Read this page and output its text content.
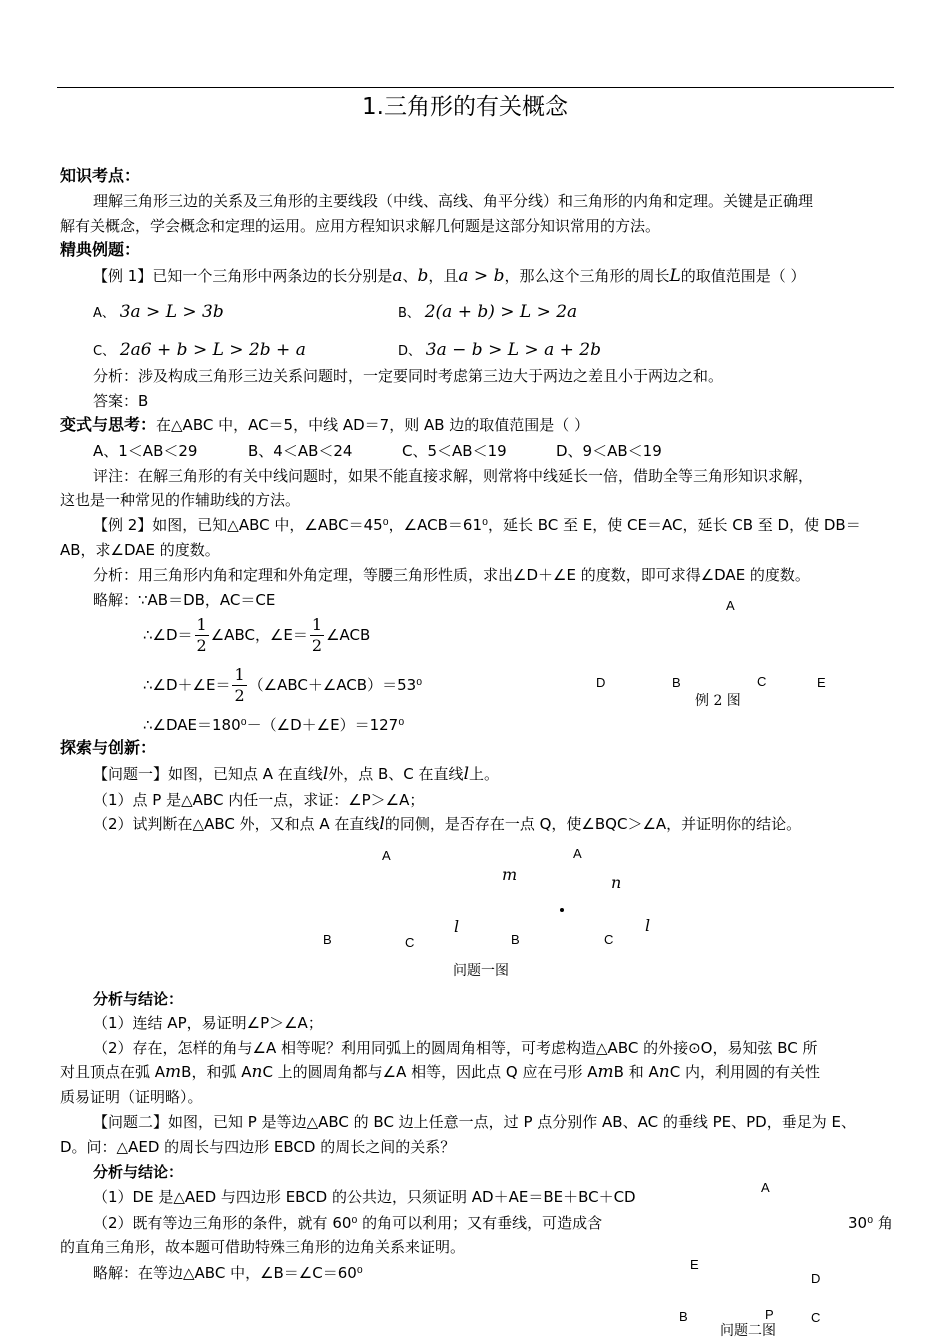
1.三角形的有关概念
知识考点：
理解三角形三边的关系及三角形的主要线段（中线、高线、角平分线）和三角形的内角和定理。关键是正确理
解有关概念，学会概念和定理的运用。应用方程知识求解几何题是这部分知识常用的方法。
精典例题：
【例 1】已知一个三角形中两条边的长分别是a、b，且a > b，那么这个三角形的周长L的取值范围是（ ）
A、 3a > L > 3b	B、 2(a + b) > L > 2a
C、 2a6 + b > L > 2b + a	D、 3a − b > L > a + 2b
分析：涉及构成三角形三边关系问题时，一定要同时考虑第三边大于两边之差且小于两边之和。
答案：B
变式与思考：在△ABC 中，AC＝5，中线 AD＝7，则 AB 边的取值范围是（ ）
A、1＜AB＜29	B、4＜AB＜24	C、5＜AB＜19	D、9＜AB＜19
评注：在解三角形的有关中线问题时，如果不能直接求解，则常将中线延长一倍，借助全等三角形知识求解，
这也是一种常见的作辅助线的方法。
【例 2】如图，已知△ABC 中，∠ABC＝45⁰，∠ACB＝61⁰，延长 BC 至 E，使 CE＝AC，延长 CB 至 D，使 DB＝
AB，求∠DAE 的度数。
分析：用三角形内角和定理和外角定理，等腰三角形性质，求出∠D＋∠E 的度数，即可求得∠DAE 的度数。
略解：∵AB＝DB，AC＝CE
∴∠D＝ $\frac{1}{2}$ ∠ABC，∠E＝ $\frac{1}{2}$ ∠ACB
∴∠D＋∠E＝ $\frac{1}{2}$ （∠ABC＋∠ACB）＝53⁰
∴∠DAE＝180⁰－（∠D＋∠E）＝127⁰
A
D	B	C	E
例 2 图
探索与创新：
【问题一】如图，已知点 A 在直线l外，点 B、C 在直线l上。
（1）点 P 是△ABC 内任一点，求证：∠P＞∠A；
（2）试判断在△ABC 外，又和点 A 在直线l的同侧，是否存在一点 Q，使∠BQC＞∠A，并证明你的结论。
A
B	C
l
A
m	n
B	C
l
问题一图
分析与结论：
（1）连结 AP，易证明∠P＞∠A；
（2）存在，怎样的角与∠A 相等呢？利用同弧上的圆周角相等，可考虑构造△ABC 的外接⊙O，易知弦 BC 所
对且顶点在弧 AmB，和弧 AnC 上的圆周角都与∠A 相等，因此点 Q 应在弓形 AmB 和 AnC 内，利用圆的有关性
质易证明（证明略）。
【问题二】如图，已知 P 是等边△ABC 的 BC 边上任意一点，过 P 点分别作 AB、AC 的垂线 PE、PD，垂足为 E、
D。问：△AED 的周长与四边形 EBCD 的周长之间的关系？
分析与结论：
（1）DE 是△AED 与四边形 EBCD 的公共边，只须证明 AD＋AE＝BE＋BC＋CD
（2）既有等边三角形的条件，就有 60⁰ 的角可以利用；又有垂线，可造成含	30⁰ 角
的直角三角形，故本题可借助特殊三角形的边角关系来证明。
略解：在等边△ABC 中，∠B＝∠C＝60⁰
A
E
D
B	P	C
问题二图
